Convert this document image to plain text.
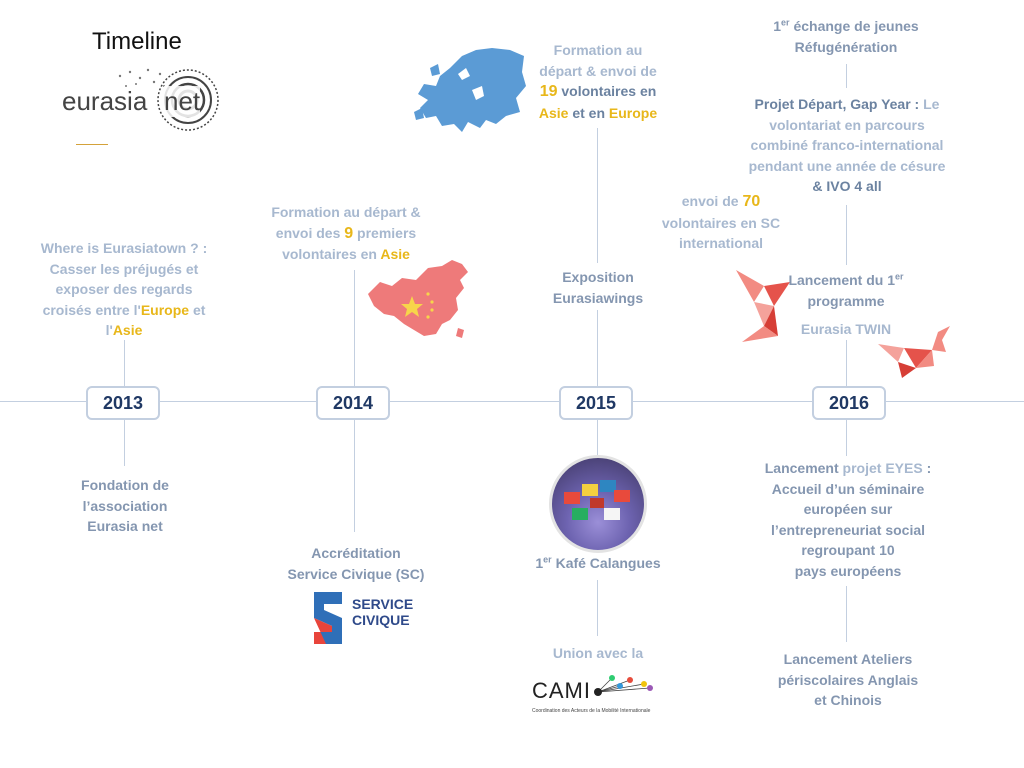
2013	2014	2015	2016
Timeline
eurasia net
Where is Eurasiatown ? :
Casser les préjugés et
exposer des regards
croisés entre l'Europe et
l'Asie
Fondation de
l’association
Eurasia net
Formation au départ &
envoi des 9 premiers
volontaires en Asie
Accréditation
Service Civique (SC)
SERVICE
CIVIQUE
Formation au
départ & envoi de
19 volontaires en
Asie et en Europe
Exposition
Eurasiawings
1er Kafé Calangues
Union avec la
CAMI
Coordination des Acteurs de la Mobilité Internationale
1er échange de jeunes
Réfugénération
Projet Départ, Gap Year : Le
volontariat en parcours
combiné franco-international
pendant une année de césure
& IVO 4 all
envoi de 70
volontaires en SC
international
Lancement du 1er
programme
Eurasia TWIN
Lancement projet EYES :
Accueil d’un séminaire
européen sur
l’entrepreneuriat social
regroupant 10
pays européens
Lancement Ateliers
périscolaires Anglais
et Chinois
